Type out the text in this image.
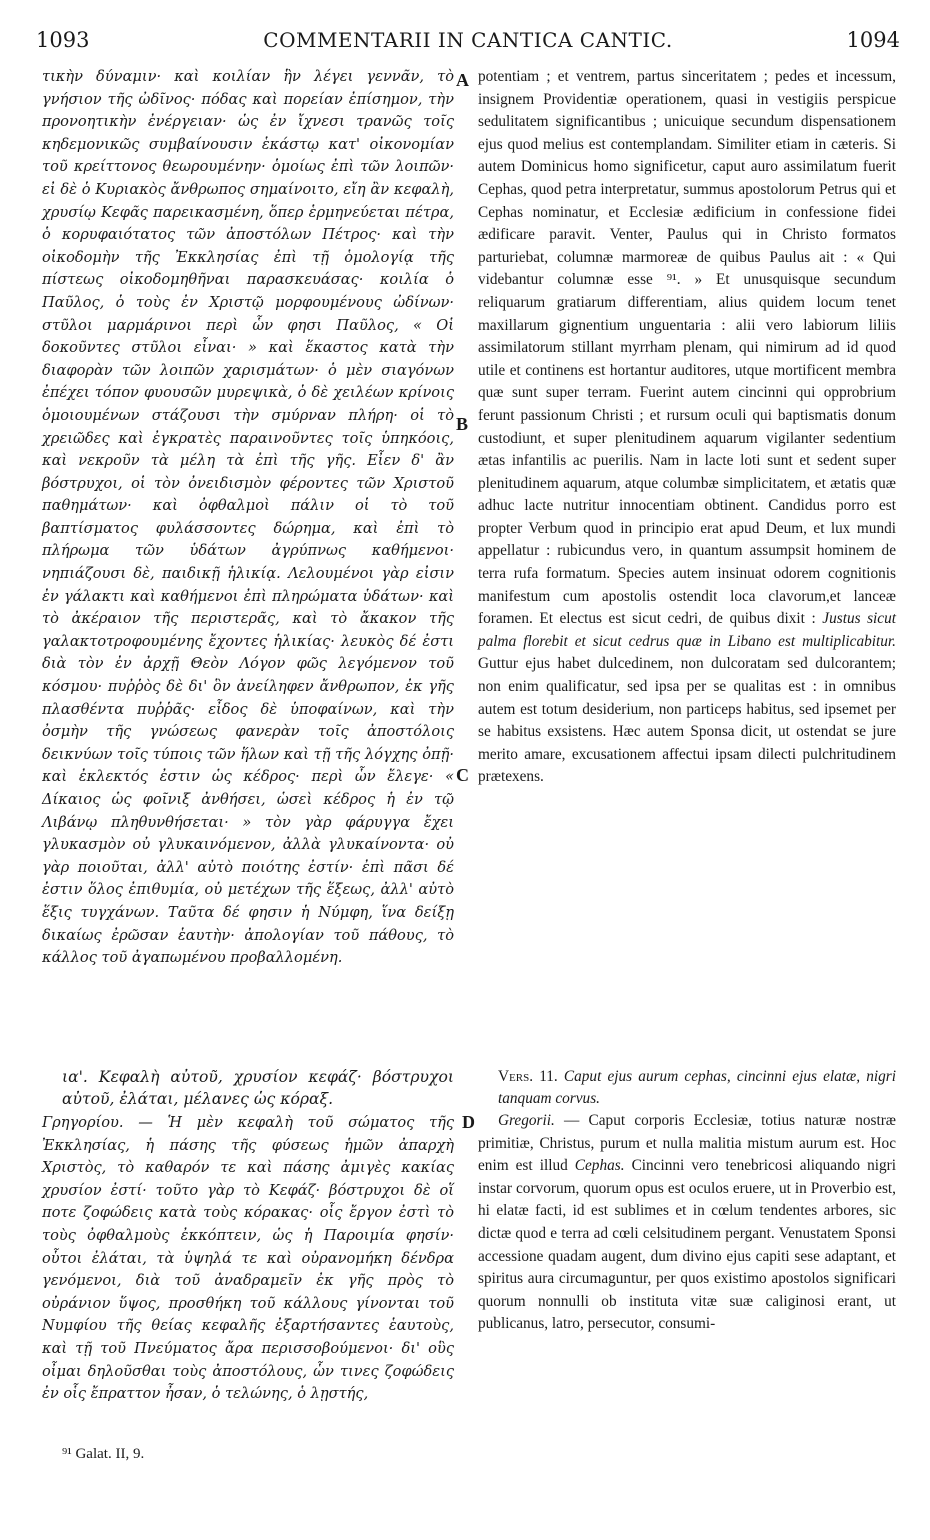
1093	COMMENTARII IN CANTICA CANTIC.	1094

τικὴν δύναμιν· καὶ κοιλίαν ἣν λέγει γεννᾶν, τὸ γνήσιον τῆς ὠδῖνος· πόδας καὶ πορείαν ἐπίσημον, τὴν προνοητικὴν ἐνέργειαν· ὡς ἐν ἴχνεσι τρανῶς τοῖς κηδεμονικῶς συμβαίνουσιν ἑκάστῳ κατ' οἰκονομίαν τοῦ κρείττονος θεωρουμένην· ὁμοίως ἐπὶ τῶν λοιπῶν· εἰ δὲ ὁ Κυριακὸς ἄνθρωπος σημαίνοιτο, εἴη ἂν κεφαλὴ, χρυσίῳ Κεφᾶς παρεικασμένη, ὅπερ ἑρμηνεύεται πέτρα, ὁ κορυφαιότατος τῶν ἀποστόλων Πέτρος· καὶ τὴν οἰκοδομὴν τῆς Ἐκκλησίας ἐπὶ τῇ ὁμολογίᾳ τῆς πίστεως οἰκοδομηθῆναι παρασκευάσας· κοιλία ὁ Παῦλος, ὁ τοὺς ἐν Χριστῷ μορφουμένους ὠδίνων· στῦλοι μαρμάρινοι περὶ ὧν φησι Παῦλος, « Οἱ δοκοῦντες στῦλοι εἶναι· » καὶ ἕκαστος κατὰ τὴν διαφορὰν τῶν λοιπῶν χαρισμάτων· ὁ μὲν σιαγόνων ἐπέχει τόπον φυουσῶν μυρεψικὰ, ὁ δὲ χειλέων κρίνοις ὁμοιουμένων στάζουσι τὴν σμύρναν πλήρη· οἱ τὸ χρειῶδες καὶ ἐγκρατὲς παραινοῦντες τοῖς ὑπηκόοις, καὶ νεκροῦν τὰ μέλη τὰ ἐπὶ τῆς γῆς. Εἶεν δ' ἂν βόστρυχοι, οἱ τὸν ὀνειδισμὸν φέροντες τῶν Χριστοῦ παθημάτων· καὶ ὀφθαλμοὶ πάλιν οἱ τὸ τοῦ βαπτίσματος φυλάσσοντες δώρημα, καὶ ἐπὶ τὸ πλήρωμα τῶν ὑδάτων ἀγρύπνως καθήμενοι· νηπιάζουσι δὲ, παιδικῇ ἡλικίᾳ. Λελουμένοι γὰρ εἰσιν ἐν γάλακτι καὶ καθήμενοι ἐπὶ πληρώματα ὑδάτων· καὶ τὸ ἀκέραιον τῆς περιστερᾶς, καὶ τὸ ἄκακον τῆς γαλακτοτροφουμένης ἔχοντες ἡλικίας· λευκὸς δέ ἐστι διὰ τὸν ἐν ἀρχῇ Θεὸν Λόγον φῶς λεγόμενον τοῦ κόσμου· πυῤῥὸς δὲ δι' ὃν ἀνείληφεν ἄνθρωπον, ἐκ γῆς πλασθέντα πυῤῥᾶς· εἶδος δὲ ὑποφαίνων, καὶ τὴν ὀσμὴν τῆς γνώσεως φανερὰν τοῖς ἀποστόλοις δεικνύων τοῖς τύποις τῶν ἥλων καὶ τῇ τῆς λόγχης ὀπῇ· καὶ ἐκλεκτός ἐστιν ὡς κέδρος· περὶ ὧν ἔλεγε· « Δίκαιος ὡς φοῖνιξ ἀνθήσει, ὡσεὶ κέδρος ἡ ἐν τῷ Λιβάνῳ πληθυνθήσεται· » τὸν γὰρ φάρυγγα ἔχει γλυκασμὸν οὐ γλυκαινόμενον, ἀλλὰ γλυκαίνοντα· οὐ γὰρ ποιοῦται, ἀλλ' αὐτὸ ποιότης ἐστίν· ἐπὶ πᾶσι δέ ἐστιν ὅλος ἐπιθυμία, οὐ μετέχων τῆς ἕξεως, ἀλλ' αὐτὸ ἕξις τυγχάνων. Ταῦτα δέ φησιν ἡ Νύμφη, ἵνα δείξῃ δικαίως ἐρῶσαν ἑαυτὴν· ἀπολογίαν τοῦ πάθους, τὸ κάλλος τοῦ ἀγαπωμένου προβαλλομένη.

potentiam ; et ventrem, partus sinceritatem ; pedes et incessum, insignem Providentiæ operationem, quasi in vestigiis perspicue sedulitatem significantibus ; unicuique secundum dispensationem ejus quod melius est contemplandam. Similiter etiam in cæteris. Si autem Dominicus homo significetur, caput auro assimilatum fuerit Cephas, quod petra interpretatur, summus apostolorum Petrus qui et Cephas nominatur, et Ecclesiæ ædificium in confessione fidei ædificare paravit. Venter, Paulus qui in Christo formatos parturiebat, columnæ marmoreæ de quibus Paulus ait : « Qui videbantur columnæ esse ⁹¹. » Et unusquisque secundum reliquarum gratiarum differentiam, alius quidem locum tenet maxillarum gignentium unguentaria : alii vero labiorum liliis assimilatorum stillant myrrham plenam, qui nimirum ad id quod utile et continens est hortantur auditores, utque mortificent membra quæ sunt super terram. Fuerint autem cincinni qui opprobrium ferunt passionum Christi ; et rursum oculi qui baptismatis donum custodiunt, et super plenitudinem aquarum vigilanter sedentium ætas infantilis ac puerilis. Nam in lacte loti sunt et sedent super plenitudinem aquarum, atque columbæ simplicitatem, et ætatis quæ adhuc lacte nutritur innocentiam obtinent. Candidus porro est propter Verbum quod in principio erat apud Deum, et lux mundi appellatur : rubicundus vero, in quantum assumpsit hominem de terra rufa formatum. Species autem insinuat odorem cognitionis manifestum cum apostolis ostendit loca clavorum,et lanceæ foramen. Et electus est sicut cedri, de quibus dixit : Justus sicut palma florebit et sicut cedrus quæ in Libano est multiplicabitur. Guttur ejus habet dulcedinem, non dulcoratam sed dulcorantem; non enim qualificatur, sed ipsa per se qualitas est : in omnibus autem est totum desiderium, non particeps habitus, sed ipsemet per se habitus exsistens. Hæc autem Sponsa dicit, ut ostendat se jure merito amare, excusationem affectui ipsam dilecti pulchritudinem prætexens.

A
B
C
D

ια'. Κεφαλὴ αὐτοῦ, χρυσίον κεφάζ· βόστρυχοι αὐτοῦ, ἐλάται, μέλανες ὡς κόραξ.

Γρηγορίου. — Ἡ μὲν κεφαλὴ τοῦ σώματος τῆς Ἐκκλησίας, ἡ πάσης τῆς φύσεως ἡμῶν ἀπαρχὴ Χριστὸς, τὸ καθαρόν τε καὶ πάσης ἀμιγὲς κακίας χρυσίον ἐστί· τοῦτο γὰρ τὸ Κεφάζ· βόστρυχοι δὲ οἵ ποτε ζοφώδεις κατὰ τοὺς κόρακας· οἷς ἔργον ἐστὶ τὸ τοὺς ὀφθαλμοὺς ἐκκόπτειν, ὡς ἡ Παροιμία φησίν· οὗτοι ἐλάται, τὰ ὑψηλά τε καὶ οὐρανομήκη δένδρα γενόμενοι, διὰ τοῦ ἀναδραμεῖν ἐκ γῆς πρὸς τὸ οὐράνιον ὕψος, προσθήκη τοῦ κάλλους γίνονται τοῦ Νυμφίου τῆς θείας κεφαλῆς ἐξαρτήσαντες ἑαυτοὺς, καὶ τῇ τοῦ Πνεύματος ἄρα περισσοβούμενοι· δι' οὓς οἶμαι δηλοῦσθαι τοὺς ἀποστόλους, ὧν τινες ζοφώδεις ἐν οἷς ἔπραττον ἦσαν, ὁ τελώνης, ὁ λῃστής,

Vers. 11. Caput ejus aurum cephas, cincinni ejus elatæ, nigri tanquam corvus.

Gregorii. — Caput corporis Ecclesiæ, totius naturæ nostræ primitiæ, Christus, purum et nulla malitia mistum aurum est. Hoc enim est illud Cephas. Cincinni vero tenebricosi aliquando nigri instar corvorum, quorum opus est oculos eruere, ut in Proverbio est, hi elatæ facti, id est sublimes et in cœlum tendentes arbores, sic dictæ quod e terra ad cœli celsitudinem pergant. Venustatem Sponsi accessione quadam augent, dum divino ejus capiti sese adaptant, et spiritus aura circumaguntur, per quos existimo apostolos significari quorum nonnulli ob instituta vitæ suæ caliginosi erant, ut publicanus, latro, persecutor, consumi-

⁹¹ Galat. II, 9.
